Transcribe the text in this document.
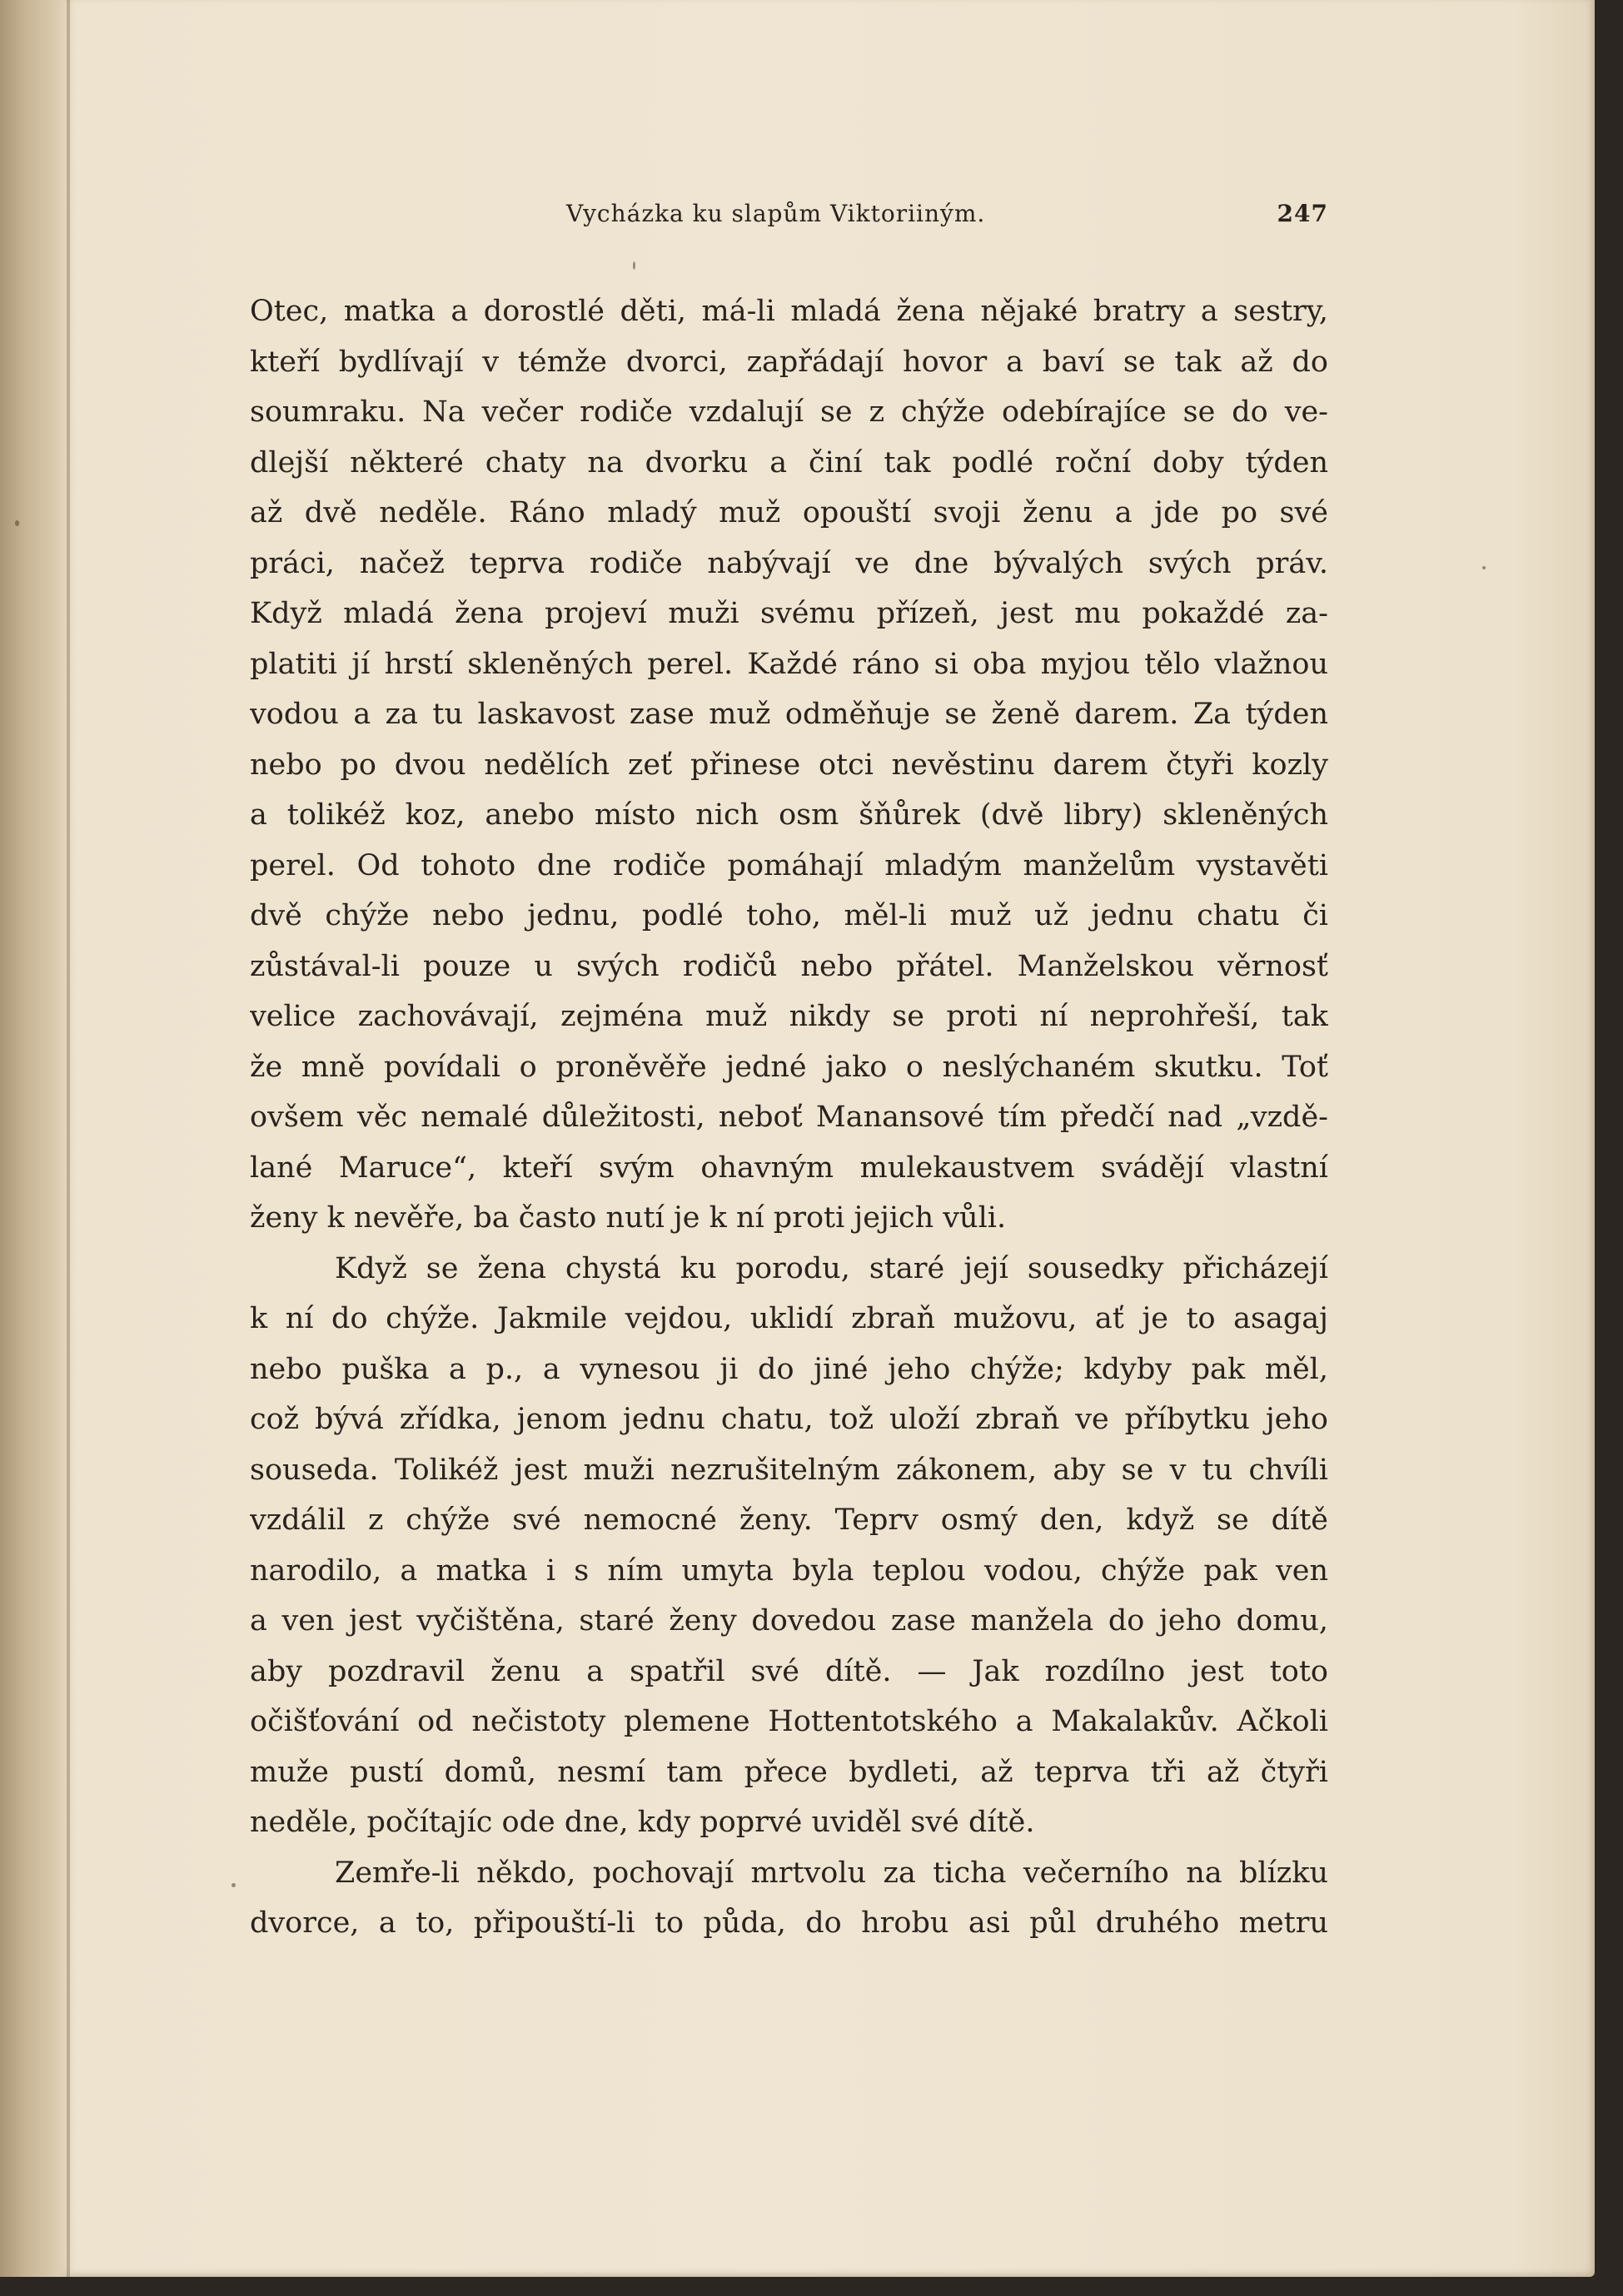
Vycházka ku slapům Viktoriiným.	247
Otec, matka a dorostlé děti, má-li mladá žena nějaké bratry a sestry,
kteří bydlívají v témže dvorci, zapřádají hovor a baví se tak až do
soumraku. Na večer rodiče vzdalují se z chýže odebírajíce se do ve-
dlejší některé chaty na dvorku a činí tak podlé roční doby týden
až dvě neděle. Ráno mladý muž opouští svoji ženu a jde po své
práci, načež teprva rodiče nabývají ve dne bývalých svých práv.
Když mladá žena projeví muži svému přízeň, jest mu pokaždé za-
platiti jí hrstí skleněných perel. Každé ráno si oba myjou tělo vlažnou
vodou a za tu laskavost zase muž odměňuje se ženě darem. Za týden
nebo po dvou nedělích zeť přinese otci nevěstinu darem čtyři kozly
a tolikéž koz, anebo místo nich osm šňůrek (dvě libry) skleněných
perel. Od tohoto dne rodiče pomáhají mladým manželům vystavěti
dvě chýže nebo jednu, podlé toho, měl-li muž už jednu chatu či
zůstával-li pouze u svých rodičů nebo přátel. Manželskou věrnosť
velice zachovávají, zejména muž nikdy se proti ní neprohřeší, tak
že mně povídali o proněvěře jedné jako o neslýchaném skutku. Toť
ovšem věc nemalé důležitosti, neboť Manansové tím předčí nad „vzdě-
lané Maruce“, kteří svým ohavným mulekaustvem svádějí vlastní
ženy k nevěře, ba často nutí je k ní proti jejich vůli.
Když se žena chystá ku porodu, staré její sousedky přicházejí
k ní do chýže. Jakmile vejdou, uklidí zbraň mužovu, ať je to asagaj
nebo puška a p., a vynesou ji do jiné jeho chýže; kdyby pak měl,
což bývá zřídka, jenom jednu chatu, tož uloží zbraň ve příbytku jeho
souseda. Tolikéž jest muži nezrušitelným zákonem, aby se v tu chvíli
vzdálil z chýže své nemocné ženy. Teprv osmý den, když se dítě
narodilo, a matka i s ním umyta byla teplou vodou, chýže pak ven
a ven jest vyčištěna, staré ženy dovedou zase manžela do jeho domu,
aby pozdravil ženu a spatřil své dítě. — Jak rozdílno jest toto
očišťování od nečistoty plemene Hottentotského a Makalakův. Ačkoli
muže pustí domů, nesmí tam přece bydleti, až teprva tři až čtyři
neděle, počítajíc ode dne, kdy poprvé uviděl své dítě.
Zemře-li někdo, pochovají mrtvolu za ticha večerního na blízku
dvorce, a to, připouští-li to půda, do hrobu asi půl druhého metru
